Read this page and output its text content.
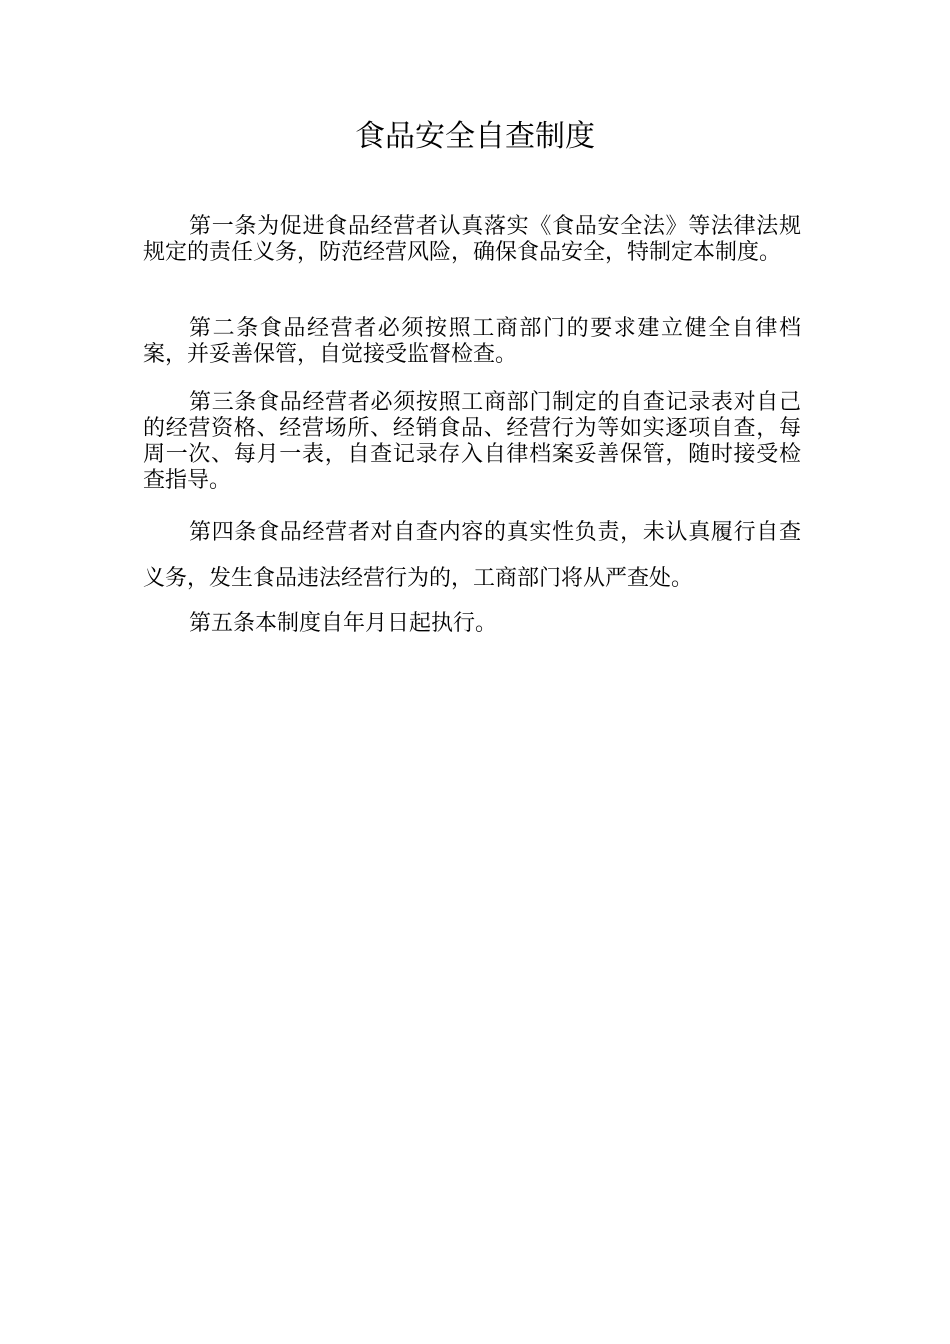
食品安全自查制度

第一条为促进食品经营者认真落实《食品安全法》等法律法规规定的责任义务，防范经营风险，确保食品安全，特制定本制度。

第二条食品经营者必须按照工商部门的要求建立健全自律档案，并妥善保管，自觉接受监督检查。

第三条食品经营者必须按照工商部门制定的自查记录表对自己的经营资格、经营场所、经销食品、经营行为等如实逐项自查，每周一次、每月一表，自查记录存入自律档案妥善保管，随时接受检查指导。

第四条食品经营者对自查内容的真实性负责，未认真履行自查义务，发生食品违法经营行为的，工商部门将从严查处。

第五条本制度自年月日起执行。
